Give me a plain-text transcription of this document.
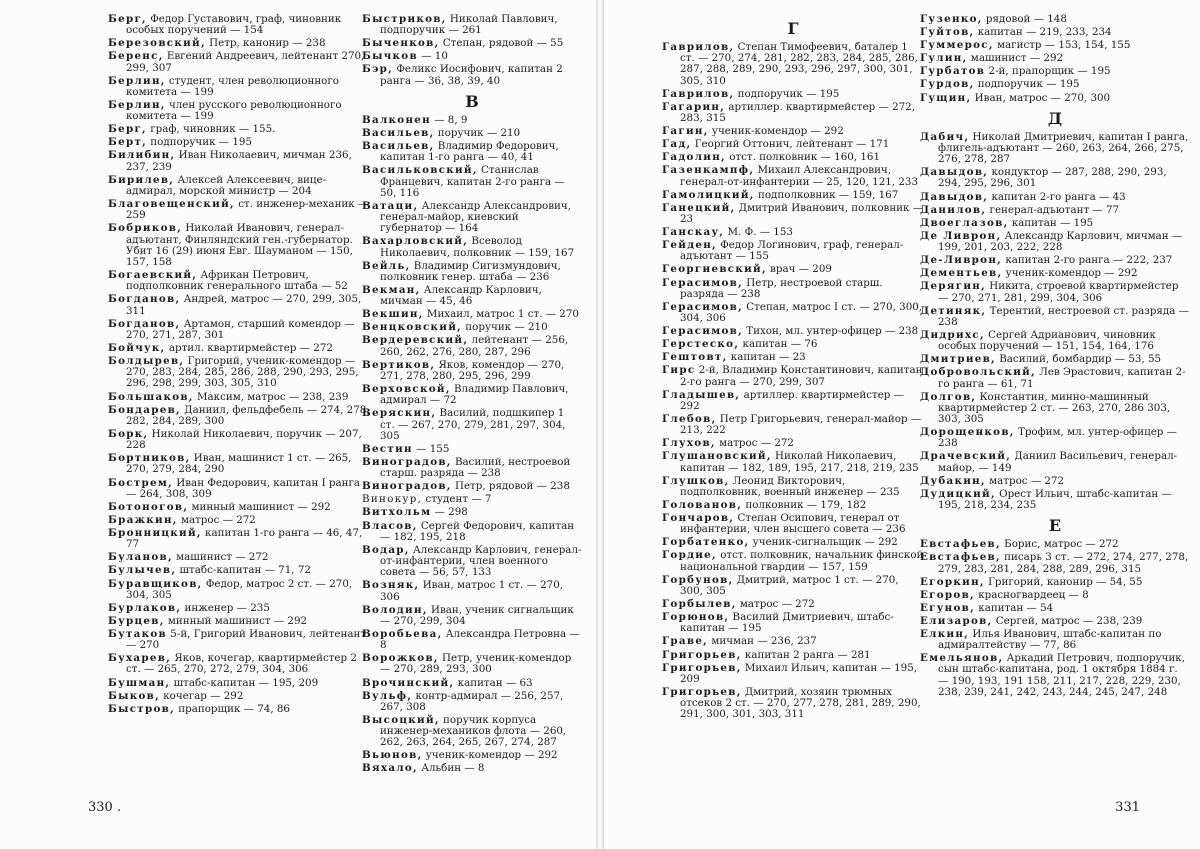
Берг, Федор Густавович, граф, чиновник особых поручений — 154
Березовский, Петр, канонир — 238
Беренс, Евгений Андреевич, лейтенант 270, 299, 307
Берлин, студент, член революционного комитета — 199
Берлин, член русского революционного комитета — 199
Берг, граф, чиновник — 155.
Берт, подпоручик — 195
Билибин, Иван Николаевич, мичман 236, 237, 239
Бирилев, Алексей Алексеевич, вице-адмирал, морской министр — 204
Благовещенский, ст. инженер-механик — 259
Бобриков, Николай Иванович, генерал-адъютант, Финляндский ген.-губернатор. Убит 16 (29) июня Евг. Шауманом — 150, 157, 158
Богаевский, Африкан Петрович, подполковник генерального штаба — 52
Богданов, Андрей, матрос — 270, 299, 305, 311
Богданов, Артамон, старший комендор — 270, 271, 287, 301
Бойчук, артил. квартирмейстер — 272
Болдырев, Григорий, ученик-комендор — 270, 283, 284, 285, 286, 288, 290, 293, 295, 296, 298, 299, 303, 305, 310
Большаков, Максим, матрос — 238, 239
Бондарев, Даниил, фельдфебель — 274, 278, 282, 284, 289, 300
Борк, Николай Николаевич, поручик — 207, 228
Бортников, Иван, машинист 1 ст. — 265, 270, 279, 284, 290
Бострем, Иван Федорович, капитан I ранга — 264, 308, 309
Ботоногов, минный машинист — 292
Бражкин, матрос — 272
Бронницкий, капитан 1-го ранга — 46, 47, 77
Буланов, машинист — 272
Булычев, штабс-капитан — 71, 72
Буравщиков, Федор, матрос 2 ст. — 270, 304, 305
Бурлаков, инженер — 235
Бурцев, минный машинист — 292
Бутаков 5-й, Григорий Иванович, лейтенант — 270
Бухарев, Яков, кочегар, квартирмейстер 2 ст. — 265, 270, 272, 279, 304, 306
Бушман, штабс-капитан — 195, 209
Быков, кочегар — 292
Быстров, прапорщик — 74, 86
Быстриков, Николай Павлович, подпоручик — 261
Быченков, Степан, рядовой — 55
Бычков — 10
Бэр, Феликс Иосифович, капитан 2 ранга — 36, 38, 39, 40
В
Валконен — 8, 9
Васильев, поручик — 210
Васильев, Владимир Федорович, капитан 1-го ранга — 40, 41
Васильковский, Станислав Францевич, капитан 2-го ранга — 50, 116
Ватаци, Александр Александрович, генерал-майор, киевский губернатор — 164
Вахарловский, Всеволод Николаевич, полковник — 159, 167
Вейль, Владимир Сигизмундович, полковник генер. штаба — 236
Векман, Александр Карлович, мичман — 45, 46
Векшин, Михаил, матрос 1 ст. — 270
Венцковский, поручик — 210
Вердеревский, лейтенант — 256, 260, 262, 276, 280, 287, 296
Вертиков, Яков, комендор — 270, 271, 278, 280, 295, 296, 299
Верховской, Владимир Павлович, адмирал — 72
Веряскин, Василий, подшкипер 1 ст. — 267, 270, 279, 281, 297, 304, 305
Вестин — 155
Виноградов, Василий, нестроевой старш. разряда — 238
Виноградов, Петр, рядовой — 238
Винокур, студент — 7
Витхольм — 298
Власов, Сергей Федорович, капитан — 182, 195, 218
Водар, Александр Карлович, генерал-от-инфантерии, член военного совета — 56, 57, 133
Возняк, Иван, матрос 1 ст. — 270, 306
Володин, Иван, ученик сигнальщик — 270, 299, 304
Воробьева, Александра Петровна — 8
Ворожков, Петр, ученик-комендор — 270, 289, 293, 300
Врочинский, капитан — 63
Вульф, контр-адмирал — 256, 257, 267, 308
Высоцкий, поручик корпуса инженер-механиков флота — 260, 262, 263, 264, 265, 267, 274, 287
Вьюнов, ученик-комендор — 292
Вяхало, Альбин — 8
330 .
Г
Гаврилов, Степан Тимофеевич, баталер 1 ст. — 270, 274, 281, 282, 283, 284, 285, 286, 287, 288, 289, 290, 293, 296, 297, 300, 301, 305, 310
Гаврилов, подпоручик — 195
Гагарин, артиллер. квартирмейстер — 272, 283, 315
Гагин, ученик-комендор — 292
Гад, Георгий Оттонич, лейтенант — 171
Гадолин, отст. полковник — 160, 161
Газенкампф, Михаил Александрович, генерал-от-инфантерии — 25, 120, 121, 233
Гамолицкий, подполковник — 159, 167
Ганецкий, Дмитрий Иванович, полковник — 23
Ганскау, М. Ф. — 153
Гейден, Федор Логинович, граф, генерал-адъютант — 155
Георгиевский, врач — 209
Герасимов, Петр, нестроевой старш. разряда — 238
Герасимов, Степан, матрос I ст. — 270, 300, 304, 306
Герасимов, Тихон, мл. унтер-офицер — 238
Герстеско, капитан — 76
Гештовт, капитан — 23
Гирс 2-й, Владимир Константинович, капитан 2-го ранга — 270, 299, 307
Гладышев, артиллер. квартирмейстер — 292
Глебов, Петр Григорьевич, генерал-майор — 213, 222
Глухов, матрос — 272
Глушановский, Николай Николаевич, капитан — 182, 189, 195, 217, 218, 219, 235
Глушков, Леонид Викторович, подполковник, военный инженер — 235
Голованов, полковник — 179, 182
Гончаров, Степан Осипович, генерал от инфантерии, член высшего совета — 236
Горбатенко, ученик-сигнальщик — 292
Гордие, отст. полковник, начальник финской национальной гвардии — 157, 159
Горбунов, Дмитрий, матрос 1 ст. — 270, 300, 305
Горбылев, матрос — 272
Горюнов, Василий Дмитриевич, штабс-капитан — 195
Граве, мичман — 236, 237
Григорьев, капитан 2 ранга — 281
Григорьев, Михаил Ильич, капитан — 195, 209
Григорьев, Дмитрий, хозяин трюмных отсеков 2 ст. — 270, 277, 278, 281, 289, 290, 291, 300, 301, 303, 311
Гузенко, рядовой — 148
Гуйтов, капитан — 219, 233, 234
Гуммерос, магистр — 153, 154, 155
Гулин, машинист — 292
Гурбатов 2-й, прапорщик — 195
Гурдов, подпоручик — 195
Гущин, Иван, матрос — 270, 300
Д
Дабич, Николай Дмитриевич, капитан I ранга, флигель-адъютант — 260, 263, 264, 266, 275, 276, 278, 287
Давыдов, кондуктор — 287, 288, 290, 293, 294, 295, 296, 301
Давыдов, капитан 2-го ранга — 43
Данилов, генерал-адъютант — 77
Двоеглазов, капитан — 195
Де Ливрон, Александр Карлович, мичман — 199, 201, 203, 222, 228
Де-Ливрон, капитан 2-го ранга — 222, 237
Дементьев, ученик-комендор — 292
Дерягин, Никита, строевой квартирмейстер — 270, 271, 281, 299, 304, 306
Детиняк, Терентий, нестроевой ст. разряда — 238
Дидрихс, Сергей Адрианович, чиновник особых поручений — 151, 154, 164, 176
Дмитриев, Василий, бомбардир — 53, 55
Добровольский, Лев Эрастович, капитан 2-го ранга — 61, 71
Долгов, Константин, минно-машинный квартирмейстер 2 ст. — 263, 270, 286 303, 303, 305
Дорощенков, Трофим, мл. унтер-офицер — 238
Драчевский, Даниил Васильевич, генерал-майор, — 149
Дубакин, матрос — 272
Дудицкий, Орест Ильич, штабс-капитан — 195, 218, 234, 235
Е
Евстафьев, Борис, матрос — 272
Евстафьев, писарь 3 ст. — 272, 274, 277, 278, 279, 283, 281, 284, 288, 289, 296, 315
Егоркин, Григорий, канонир — 54, 55
Егоров, красногвардеец — 8
Егунов, капитан — 54
Елизаров, Сергей, матрос — 238, 239
Елкин, Илья Иванович, штабс-капитан по адмиралтейству — 77, 86
Емельянов, Аркадий Петрович, подпоручик, сын штабс-капитана, род. 1 октября 1884 г. — 190, 193, 191 158, 211, 217, 228, 229, 230, 238, 239, 241, 242, 243, 244, 245, 247, 248
331
